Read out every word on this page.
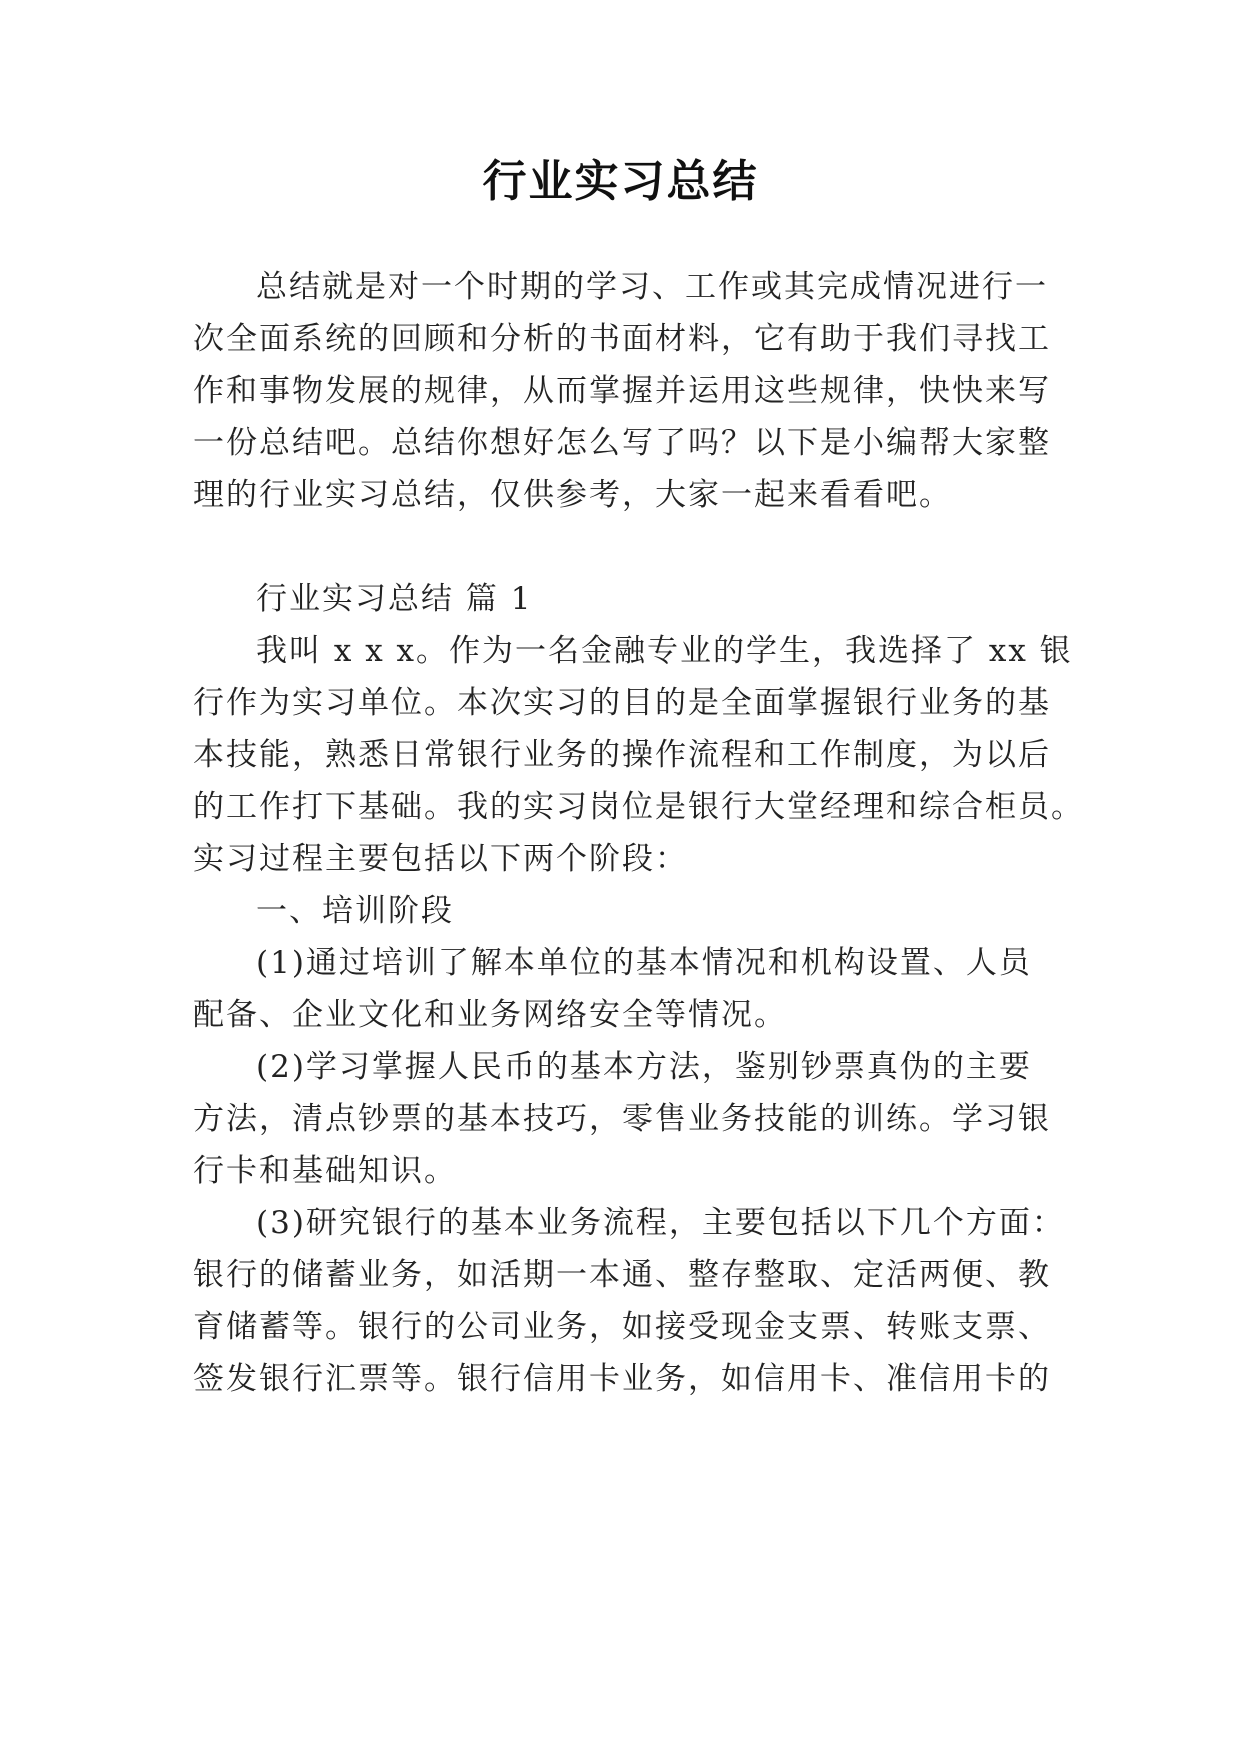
行业实习总结
总结就是对一个时期的学习、工作或其完成情况进行一
次全面系统的回顾和分析的书面材料，它有助于我们寻找工
作和事物发展的规律，从而掌握并运用这些规律，快快来写
一份总结吧。总结你想好怎么写了吗？以下是小编帮大家整
理的行业实习总结，仅供参考，大家一起来看看吧。
行业实习总结 篇 1
我叫 x x x。作为一名金融专业的学生，我选择了 xx 银
行作为实习单位。本次实习的目的是全面掌握银行业务的基
本技能，熟悉日常银行业务的操作流程和工作制度，为以后
的工作打下基础。我的实习岗位是银行大堂经理和综合柜员。
实习过程主要包括以下两个阶段：
一、培训阶段
(1)通过培训了解本单位的基本情况和机构设置、人员
配备、企业文化和业务网络安全等情况。
(2)学习掌握人民币的基本方法，鉴别钞票真伪的主要
方法，清点钞票的基本技巧，零售业务技能的训练。学习银
行卡和基础知识。
(3)研究银行的基本业务流程，主要包括以下几个方面：
银行的储蓄业务，如活期一本通、整存整取、定活两便、教
育储蓄等。银行的公司业务，如接受现金支票、转账支票、
签发银行汇票等。银行信用卡业务，如信用卡、准信用卡的
